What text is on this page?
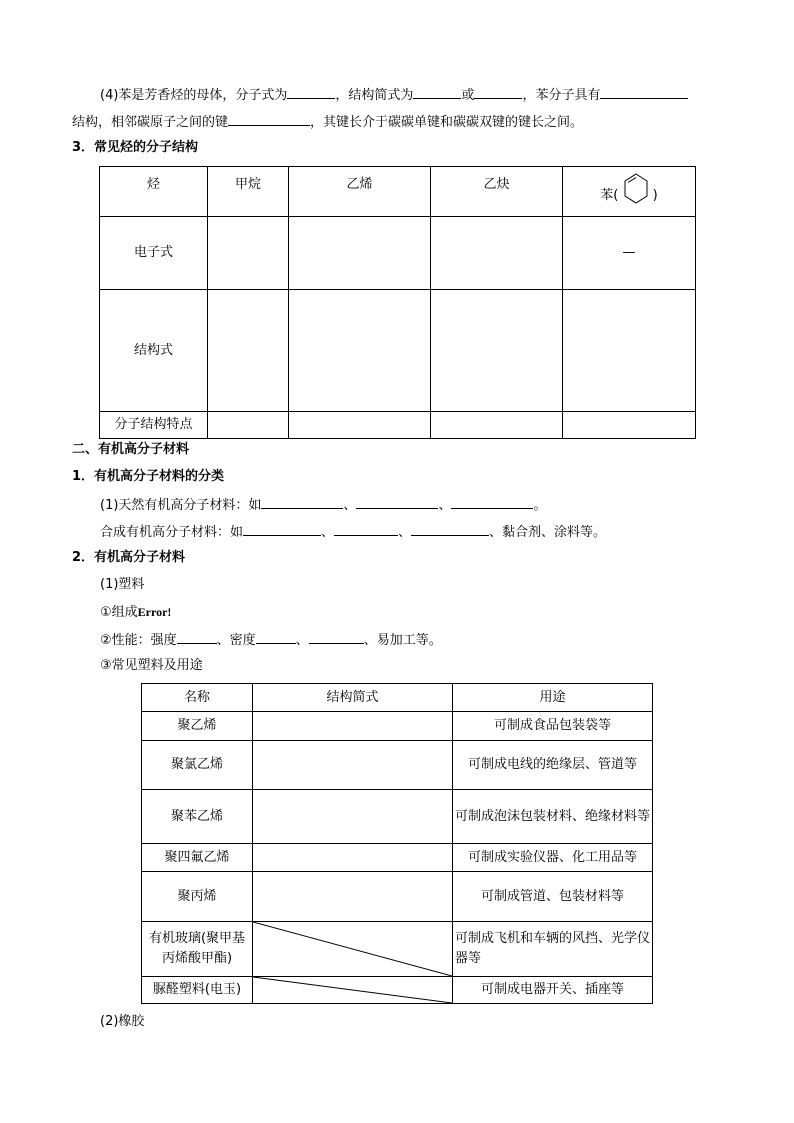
(4)苯是芳香烃的母体，分子式为	，结构简式为	或	，苯分子具有
结构，相邻碳原子之间的键	，其键长介于碳碳单键和碳碳双键的键长之间。
3．常见烃的分子结构
烃	甲烷	乙烯	乙炔	苯( )
电子式				—
结构式				
分子结构特点				
二、有机高分子材料
1．有机高分子材料的分类
(1)天然有机高分子材料：如	、	、	。
合成有机高分子材料：如	、	、	、黏合剂、涂料等。
2．有机高分子材料
(1)塑料
①组成Error!
②性能：强度	、密度	、	、易加工等。
③常见塑料及用途
名称	结构简式	用途
聚乙烯		可制成食品包装袋等
聚氯乙烯		可制成电线的绝缘层、管道等
聚苯乙烯		可制成泡沫包装材料、绝缘材料等
聚四氟乙烯		可制成实验仪器、化工用品等
聚丙烯		可制成管道、包装材料等
有机玻璃(聚甲基丙烯酸甲酯)		可制成飞机和车辆的风挡、光学仪器等
脲醛塑料(电玉)		可制成电器开关、插座等
(2)橡胶
